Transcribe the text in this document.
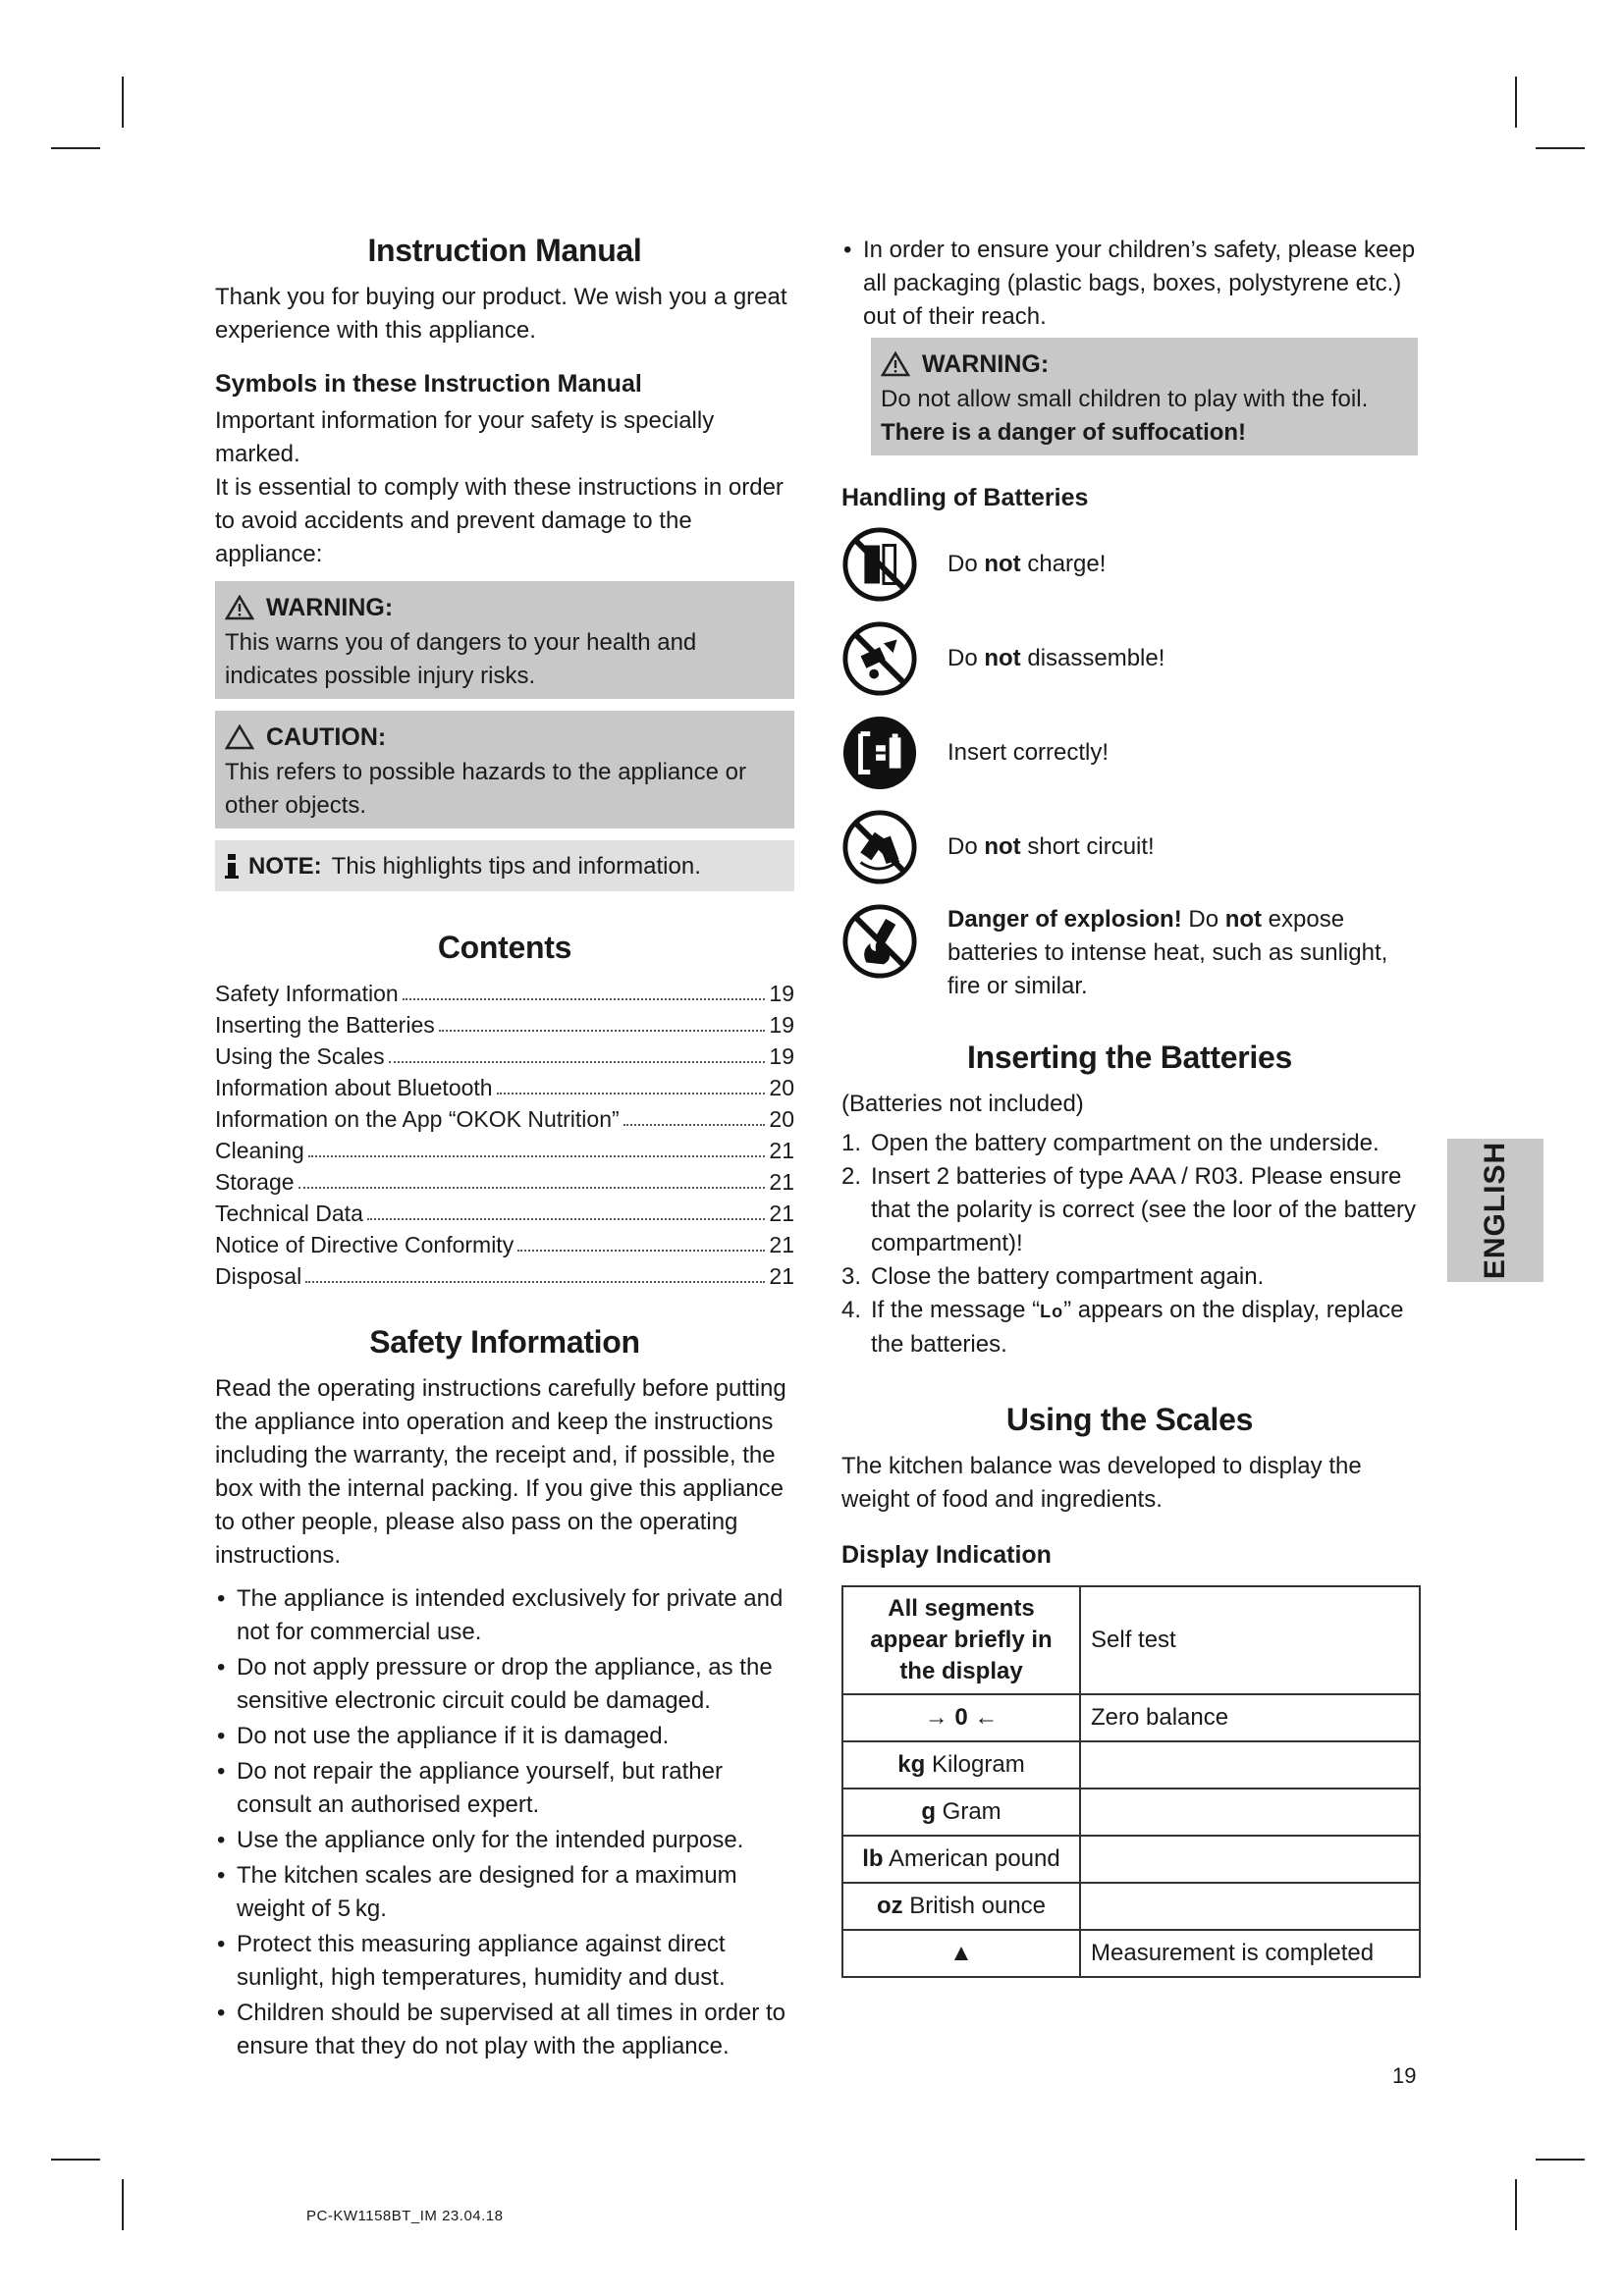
Instruction Manual

Thank you for buying our product. We wish you a great experience with this appliance.

Symbols in these Instruction Manual

Important information for your safety is specially marked.

It is essential to comply with these instructions in order to avoid accidents and prevent damage to the appliance:

WARNING:
This warns you of dangers to your health and indicates possible injury risks.
CAUTION:
This refers to possible hazards to the appliance or other objects.
NOTE: This highlights tips and information.
Contents
Safety Information	19
Inserting the Batteries	19
Using the Scales	19
Information about Bluetooth	20
Information on the App “OKOK Nutrition”	20
Cleaning	21
Storage	21
Technical Data	21
Notice of Directive Conformity	21
Disposal	21
Safety Information

Read the operating instructions carefully before putting the appliance into operation and keep the instructions including the warranty, the receipt and, if possible, the box with the internal packing. If you give this appliance to other people, please also pass on the operating instructions.

• The appliance is intended exclusively for private and not for commercial use.
• Do not apply pressure or drop the appliance, as the sensitive electronic circuit could be damaged.
• Do not use the appliance if it is damaged.
• Do not repair the appliance yourself, but rather consult an authorised expert.
• Use the appliance only for the intended purpose.
• The kitchen scales are designed for a maximum weight of 5 kg.
• Protect this measuring appliance against direct sunlight, high temperatures, humidity and dust.
• Children should be supervised at all times in order to ensure that they do not play with the appliance.
• In order to ensure your children’s safety, please keep all packaging (plastic bags, boxes, polystyrene etc.) out of their reach.
WARNING:
Do not allow small children to play with the foil.
There is a danger of suffocation!
Handling of Batteries
Do not charge!
Do not disassemble!
Insert correctly!
Do not short circuit!
Danger of explosion! Do not expose batteries to intense heat, such as sunlight, fire or similar.
Inserting the Batteries

(Batteries not included)

1. Open the battery compartment on the underside.
2. Insert 2 batteries of type AAA / R03. Please ensure that the polarity is correct (see the loor of the battery compartment)!
3. Close the battery compartment again.
4. If the message “Lo” appears on the display, replace the batteries.
Using the Scales

The kitchen balance was developed to display the weight of food and ingredients.

Display Indication
All segments appear briefly in the display	Self test
→ 0 ←	Zero balance
kg Kilogram	
g Gram	
lb American pound	
oz British ounce	
▲	Measurement is completed
ENGLISH
19
PC-KW1158BT_IM 23.04.18
